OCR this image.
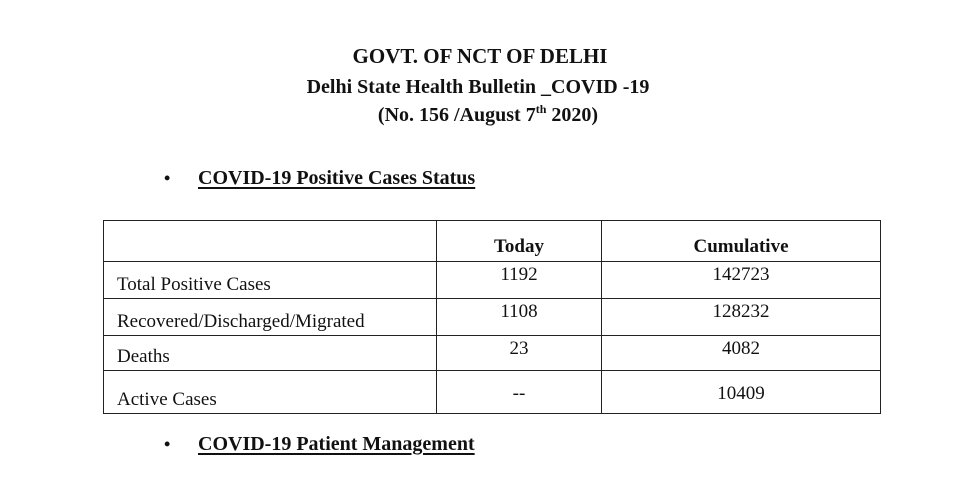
GOVT. OF NCT OF DELHI
Delhi State Health Bulletin _COVID -19
(No. 156 /August 7th 2020)
• COVID-19 Positive Cases Status
	Today	Cumulative
Total Positive Cases	1192	142723
Recovered/Discharged/Migrated	1108	128232
Deaths	23	4082
Active Cases	--	10409
• COVID-19 Patient Management
